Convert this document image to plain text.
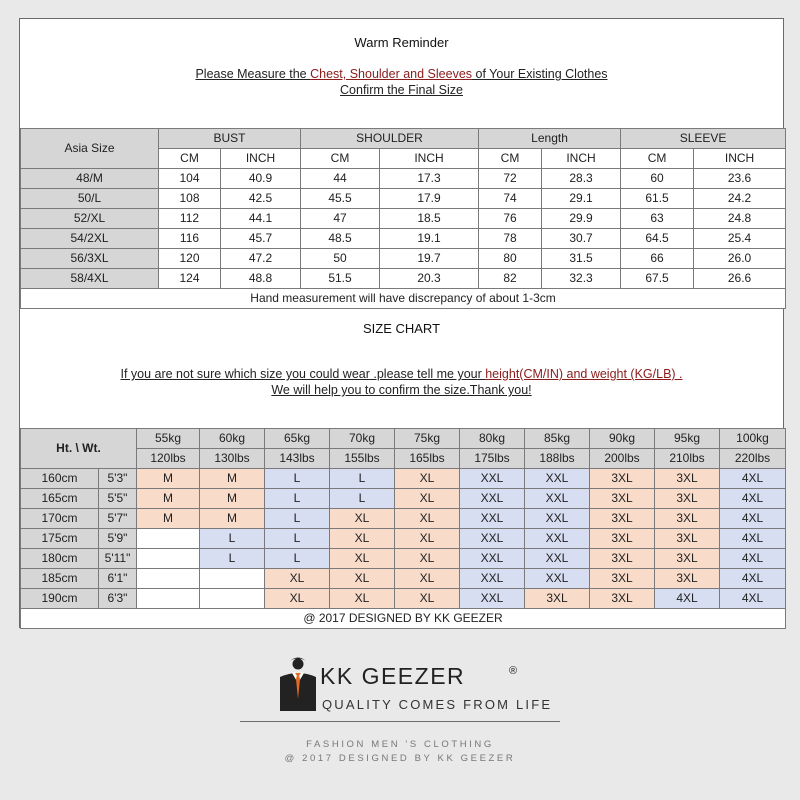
Warm Reminder
Please Measure the Chest, Shoulder and Sleeves of Your Existing Clothes
Confirm the Final Size
Asia Size	BUST		SHOULDER		Length		SLEEVE	
	CM	INCH	CM	INCH	CM	INCH	CM	INCH
48/M	104	40.9	44	17.3	72	28.3	60	23.6
50/L	108	42.5	45.5	17.9	74	29.1	61.5	24.2
52/XL	112	44.1	47	18.5	76	29.9	63	24.8
54/2XL	116	45.7	48.5	19.1	78	30.7	64.5	25.4
56/3XL	120	47.2	50	19.7	80	31.5	66	26.0
58/4XL	124	48.8	51.5	20.3	82	32.3	67.5	26.6
Hand measurement will have discrepancy of about 1-3cm								
SIZE CHART
If you are not sure which size you could wear .please tell me your height(CM/IN) and weight (KG/LB) .
We will help you to confirm the size.Thank you!
Ht. \ Wt.		55kg	60kg	65kg	70kg	75kg	80kg	85kg	90kg	95kg	100kg
		120lbs	130lbs	143lbs	155lbs	165lbs	175lbs	188lbs	200lbs	210lbs	220lbs
160cm	5'3"	M	M	L	L	XL	XXL	XXL	3XL	3XL	4XL
165cm	5'5"	M	M	L	L	XL	XXL	XXL	3XL	3XL	4XL
170cm	5'7"	M	M	L	XL	XL	XXL	XXL	3XL	3XL	4XL
175cm	5'9"		L	L	XL	XL	XXL	XXL	3XL	3XL	4XL
180cm	5'11"		L	L	XL	XL	XXL	XXL	3XL	3XL	4XL
185cm	6'1"			XL	XL	XL	XXL	XXL	3XL	3XL	4XL
190cm	6'3"			XL	XL	XL	XXL	3XL	3XL	4XL	4XL
@ 2017 DESIGNED BY KK GEEZER											
KK GEEZER	®
QUALITY COMES FROM LIFE
FASHION MEN 'S CLOTHING
@ 2017 DESIGNED BY KK GEEZER
